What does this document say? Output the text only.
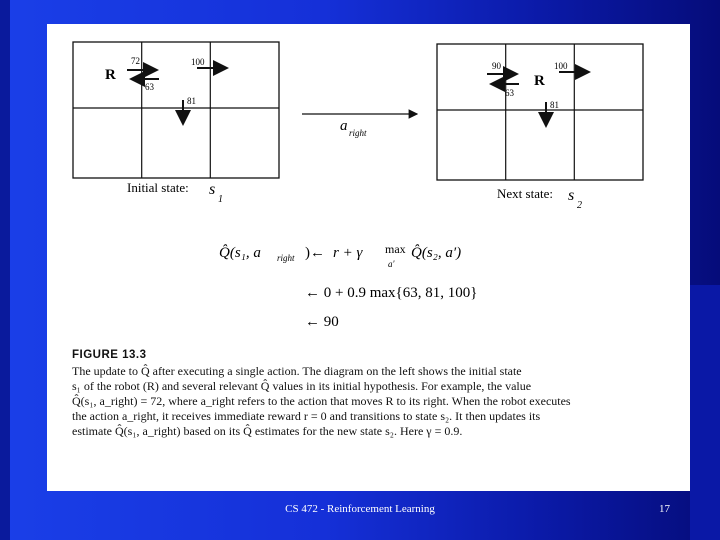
R
72
63
100
81
Initial state: s
1
a right
R
90
63
100
81
Next state: s
2
Q̂(s₁, a right ) ← r + γ max
a'
Q̂(s₂, a′)
← 0 + 0.9 max{63, 81, 100}
← 90
FIGURE 13.3
The update to Q̂ after executing a single action. The diagram on the left shows the initial state
s₁ of the robot (R) and several relevant Q̂ values in its initial hypothesis. For example, the value
Q̂(s₁, a_right) = 72, where a_right refers to the action that moves R to its right. When the robot executes
the action a_right, it receives immediate reward r = 0 and transitions to state s₂. It then updates its
estimate Q̂(s₁, a_right) based on its Q̂ estimates for the new state s₂. Here γ = 0.9.
CS 472 - Reinforcement Learning	17
